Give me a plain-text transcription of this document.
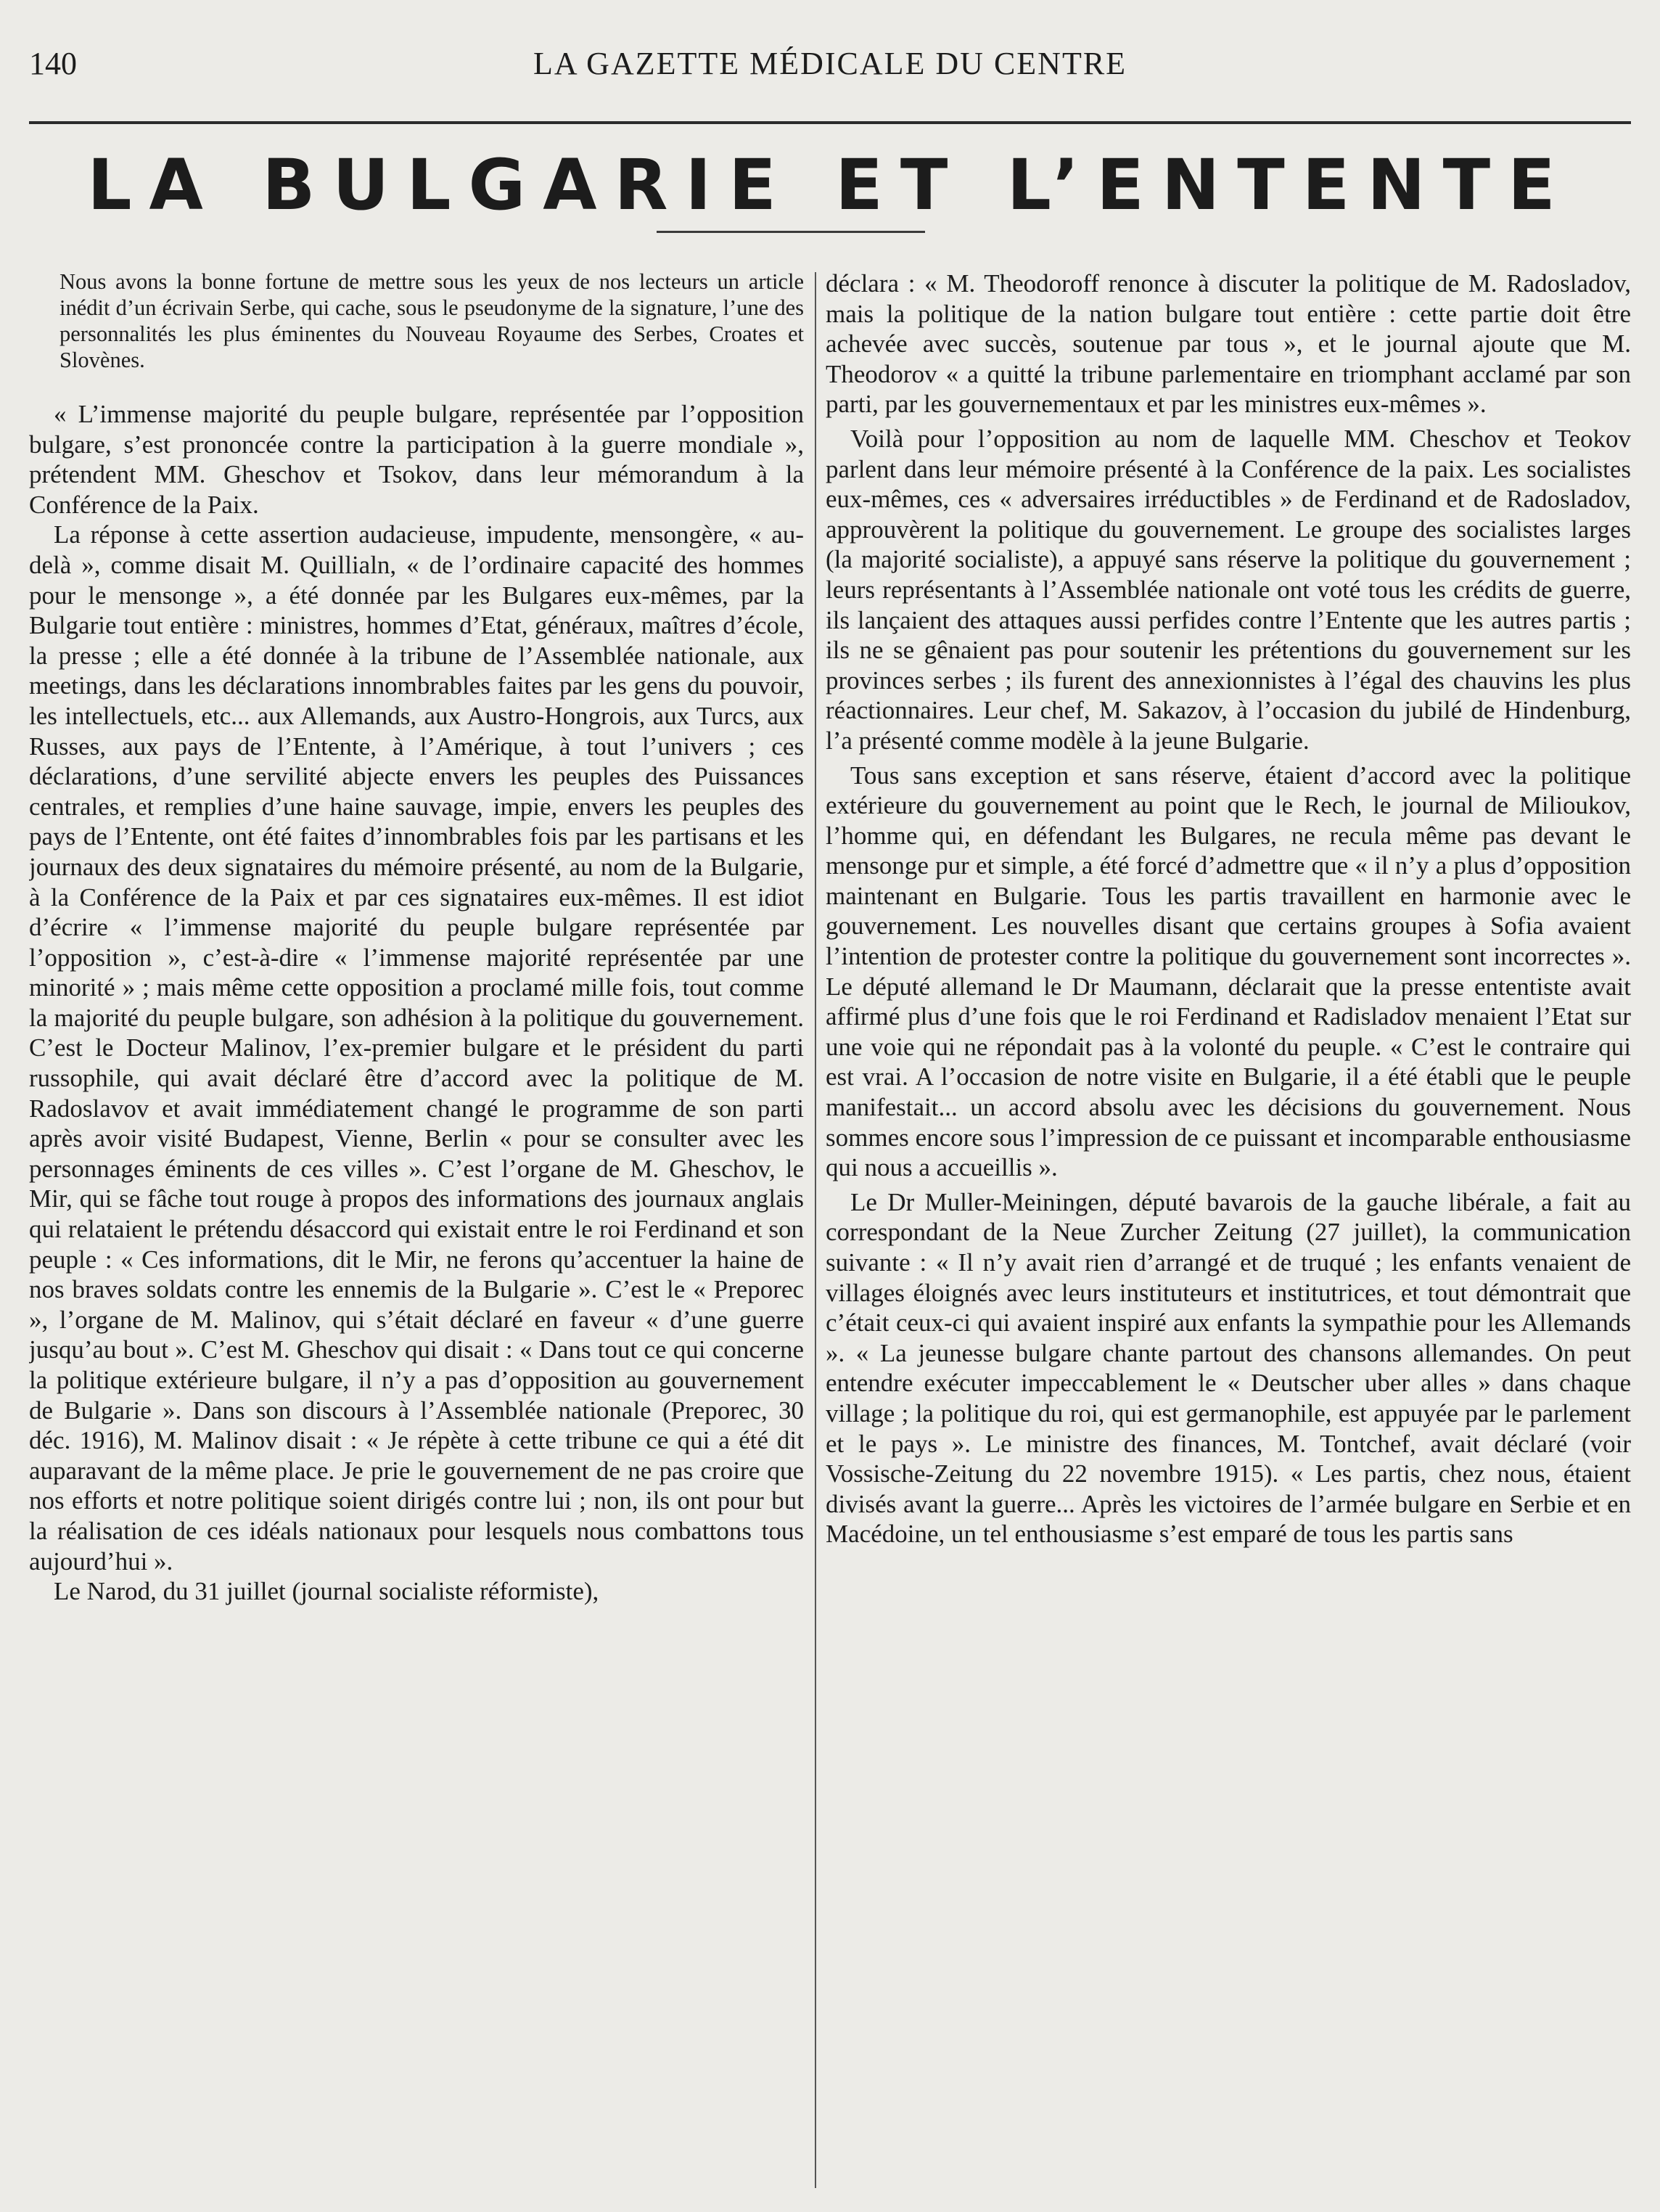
140	LA GAZETTE MÉDICALE DU CENTRE
LA BULGARIE ET L’ENTENTE

Nous avons la bonne fortune de mettre sous les yeux de nos lecteurs un article inédit d’un écrivain Serbe, qui cache, sous le pseudonyme de la signature, l’une des personnalités les plus éminentes du Nouveau Royaume des Serbes, Croates et Slovènes.

« L’immense majorité du peuple bulgare, représentée par l’opposition bulgare, s’est prononcée contre la participation à la guerre mondiale », prétendent MM. Gheschov et Tsokov, dans leur mémorandum à la Conférence de la Paix.

La réponse à cette assertion audacieuse, impudente, mensongère, « au-delà », comme disait M. Quillialn, « de l’ordinaire capacité des hommes pour le mensonge », a été donnée par les Bulgares eux-mêmes, par la Bulgarie tout entière : ministres, hommes d’Etat, généraux, maîtres d’école, la presse ; elle a été donnée à la tribune de l’Assemblée nationale, aux meetings, dans les déclarations innombrables faites par les gens du pouvoir, les intellectuels, etc... aux Allemands, aux Austro-Hongrois, aux Turcs, aux Russes, aux pays de l’Entente, à l’Amérique, à tout l’univers ; ces déclarations, d’une servilité abjecte envers les peuples des Puissances centrales, et remplies d’une haine sauvage, impie, envers les peuples des pays de l’Entente, ont été faites d’innombrables fois par les partisans et les journaux des deux signataires du mémoire présenté, au nom de la Bulgarie, à la Conférence de la Paix et par ces signataires eux-mêmes. Il est idiot d’écrire « l’immense majorité du peuple bulgare représentée par l’opposition », c’est-à-dire « l’immense majorité représentée par une minorité » ; mais même cette opposition a proclamé mille fois, tout comme la majorité du peuple bulgare, son adhésion à la politique du gouvernement. C’est le Docteur Malinov, l’ex-premier bulgare et le président du parti russophile, qui avait déclaré être d’accord avec la politique de M. Radoslavov et avait immédiatement changé le programme de son parti après avoir visité Budapest, Vienne, Berlin « pour se consulter avec les personnages éminents de ces villes ». C’est l’organe de M. Gheschov, le Mir, qui se fâche tout rouge à propos des informations des journaux anglais qui relataient le prétendu désaccord qui existait entre le roi Ferdinand et son peuple : « Ces informations, dit le Mir, ne ferons qu’accentuer la haine de nos braves soldats contre les ennemis de la Bulgarie ». C’est le « Preporec », l’organe de M. Malinov, qui s’était déclaré en faveur « d’une guerre jusqu’au bout ». C’est M. Gheschov qui disait : « Dans tout ce qui concerne la politique extérieure bulgare, il n’y a pas d’opposition au gouvernement de Bulgarie ». Dans son discours à l’Assemblée nationale (Preporec, 30 déc. 1916), M. Malinov disait : « Je répète à cette tribune ce qui a été dit auparavant de la même place. Je prie le gouvernement de ne pas croire que nos efforts et notre politique soient dirigés contre lui ; non, ils ont pour but la réalisation de ces idéals nationaux pour lesquels nous combattons tous aujourd’hui ».

Le Narod, du 31 juillet (journal socialiste réformiste),

déclara : « M. Theodoroff renonce à discuter la politique de M. Radosladov, mais la politique de la nation bulgare tout entière : cette partie doit être achevée avec succès, soutenue par tous », et le journal ajoute que M. Theodorov « a quitté la tribune parlementaire en triomphant acclamé par son parti, par les gouvernementaux et par les ministres eux-mêmes ».

Voilà pour l’opposition au nom de laquelle MM. Cheschov et Teokov parlent dans leur mémoire présenté à la Conférence de la paix. Les socialistes eux-mêmes, ces « adversaires irréductibles » de Ferdinand et de Radosladov, approuvèrent la politique du gouvernement. Le groupe des socialistes larges (la majorité socialiste), a appuyé sans réserve la politique du gouvernement ; leurs représentants à l’Assemblée nationale ont voté tous les crédits de guerre, ils lançaient des attaques aussi perfides contre l’Entente que les autres partis ; ils ne se gênaient pas pour soutenir les prétentions du gouvernement sur les provinces serbes ; ils furent des annexionnistes à l’égal des chauvins les plus réactionnaires. Leur chef, M. Sakazov, à l’occasion du jubilé de Hindenburg, l’a présenté comme modèle à la jeune Bulgarie.

Tous sans exception et sans réserve, étaient d’accord avec la politique extérieure du gouvernement au point que le Rech, le journal de Milioukov, l’homme qui, en défendant les Bulgares, ne recula même pas devant le mensonge pur et simple, a été forcé d’admettre que « il n’y a plus d’opposition maintenant en Bulgarie. Tous les partis travaillent en harmonie avec le gouvernement. Les nouvelles disant que certains groupes à Sofia avaient l’intention de protester contre la politique du gouvernement sont incorrectes ». Le député allemand le Dr Maumann, déclarait que la presse ententiste avait affirmé plus d’une fois que le roi Ferdinand et Radisladov menaient l’Etat sur une voie qui ne répondait pas à la volonté du peuple. « C’est le contraire qui est vrai. A l’occasion de notre visite en Bulgarie, il a été établi que le peuple manifestait... un accord absolu avec les décisions du gouvernement. Nous sommes encore sous l’impression de ce puissant et incomparable enthousiasme qui nous a accueillis ».

Le Dr Muller-Meiningen, député bavarois de la gauche libérale, a fait au correspondant de la Neue Zurcher Zeitung (27 juillet), la communication suivante : « Il n’y avait rien d’arrangé et de truqué ; les enfants venaient de villages éloignés avec leurs instituteurs et institutrices, et tout démontrait que c’était ceux-ci qui avaient inspiré aux enfants la sympathie pour les Allemands ». « La jeunesse bulgare chante partout des chansons allemandes. On peut entendre exécuter impeccablement le « Deutscher uber alles » dans chaque village ; la politique du roi, qui est germanophile, est appuyée par le parlement et le pays ». Le ministre des finances, M. Tontchef, avait déclaré (voir Vossische-Zeitung du 22 novembre 1915). « Les partis, chez nous, étaient divisés avant la guerre... Après les victoires de l’armée bulgare en Serbie et en Macédoine, un tel enthousiasme s’est emparé de tous les partis sans
